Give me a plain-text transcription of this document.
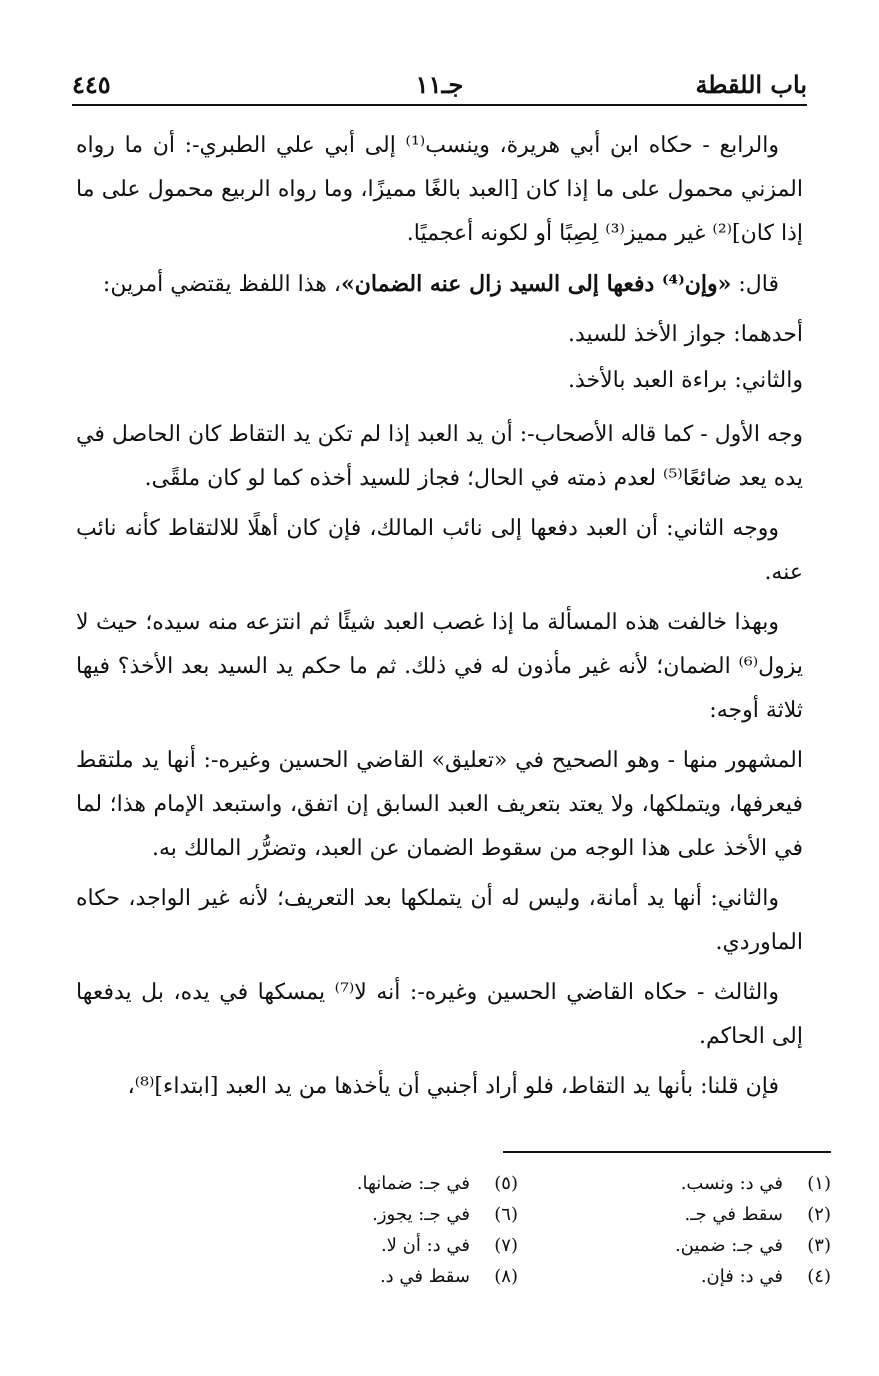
باب اللقطة
جـ١١
٤٤٥

والرابع - حكاه ابن أبي هريرة، وينسب⁽¹⁾ إلى أبي علي الطبري-: أن ما رواه المزني محمول على ما إذا كان [العبد بالغًا مميزًا، وما رواه الربيع محمول على ما إذا كان]⁽²⁾ غير مميز⁽³⁾ لِصِبًا أو لكونه أعجميًا.

قال: «وإن⁽⁴⁾ دفعها إلى السيد زال عنه الضمان»، هذا اللفظ يقتضي أمرين:

أحدهما: جواز الأخذ للسيد.

والثاني: براءة العبد بالأخذ.

وجه الأول - كما قاله الأصحاب-: أن يد العبد إذا لم تكن يد التقاط كان الحاصل في يده يعد ضائعًا⁽⁵⁾ لعدم ذمته في الحال؛ فجاز للسيد أخذه كما لو كان ملقًى.

ووجه الثاني: أن العبد دفعها إلى نائب المالك، فإن كان أهلًا للالتقاط كأنه نائب عنه.

وبهذا خالفت هذه المسألة ما إذا غصب العبد شيئًا ثم انتزعه منه سيده؛ حيث لا يزول⁽⁶⁾ الضمان؛ لأنه غير مأذون له في ذلك. ثم ما حكم يد السيد بعد الأخذ؟ فيها ثلاثة أوجه:

المشهور منها - وهو الصحيح في «تعليق» القاضي الحسين وغيره-: أنها يد ملتقط فيعرفها، ويتملكها، ولا يعتد بتعريف العبد السابق إن اتفق، واستبعد الإمام هذا؛ لما في الأخذ على هذا الوجه من سقوط الضمان عن العبد، وتضرُّر المالك به.

والثاني: أنها يد أمانة، وليس له أن يتملكها بعد التعريف؛ لأنه غير الواجد، حكاه الماوردي.

والثالث - حكاه القاضي الحسين وغيره-: أنه لا⁽⁷⁾ يمسكها في يده، بل يدفعها إلى الحاكم.

فإن قلنا: بأنها يد التقاط، فلو أراد أجنبي أن يأخذها من يد العبد [ابتداء]⁽⁸⁾،

(١)
في د: ونسب.
(٢)
سقط في جـ.
(٣)
في جـ: ضمين.
(٤)
في د: فإن.
(٥)
في جـ: ضمانها.
(٦)
في جـ: يجوز.
(٧)
في د: أن لا.
(٨)
سقط في د.
